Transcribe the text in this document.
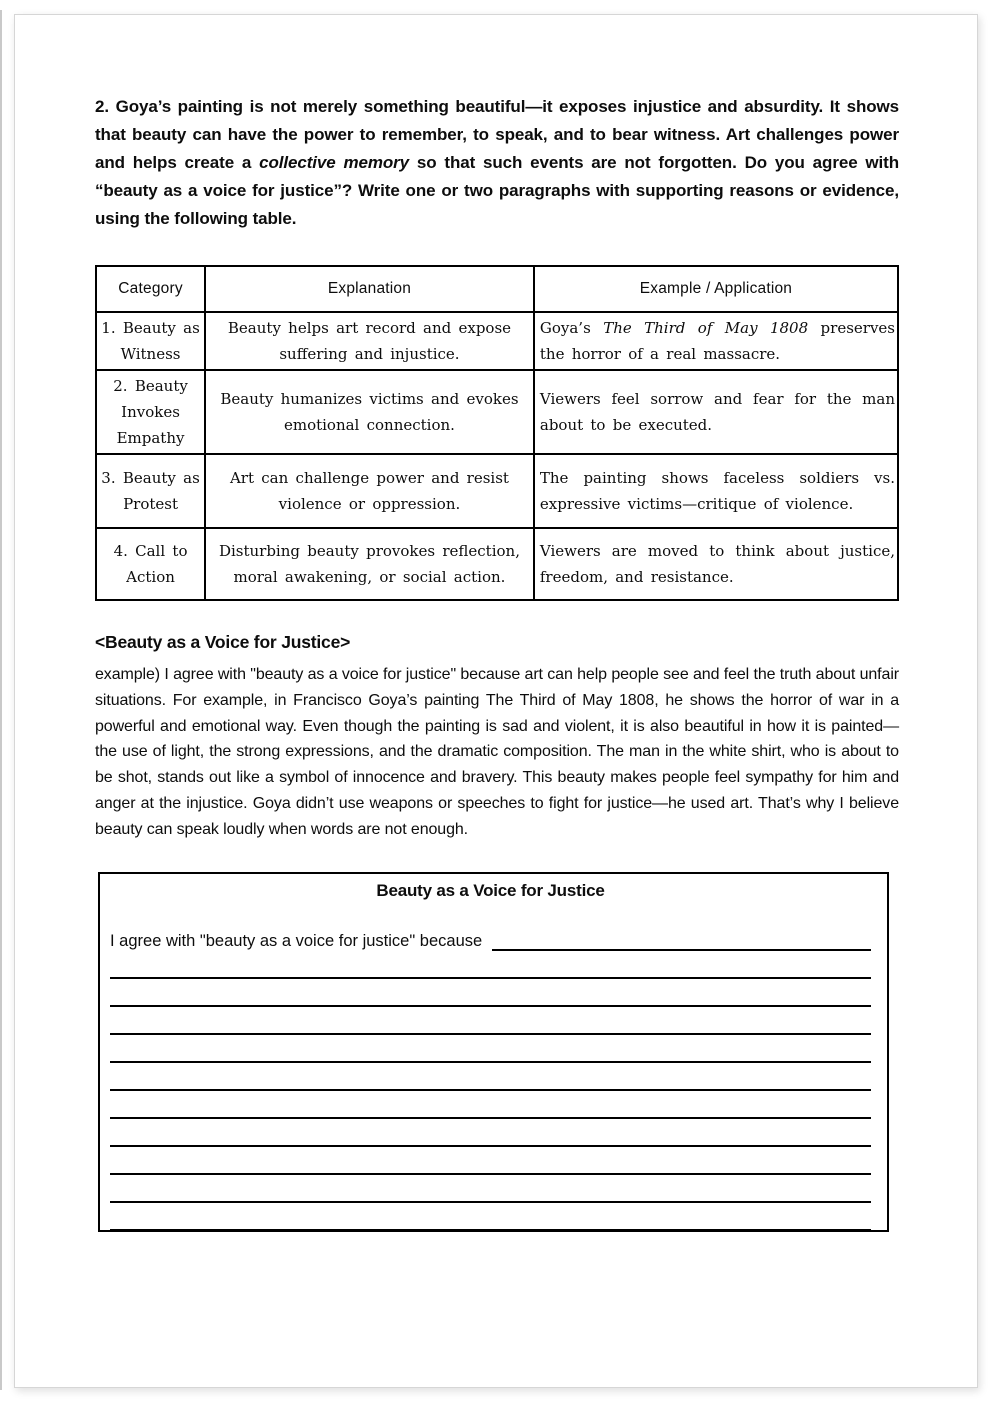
2. Goya’s painting is not merely something beautiful—it exposes injustice and absurdity. It shows that beauty can have the power to remember, to speak, and to bear witness. Art challenges power and helps create a collective memory so that such events are not forgotten. Do you agree with “beauty as a voice for justice”? Write one or two paragraphs with supporting reasons or evidence, using the following table.

Category	Explanation	Example / Application
1. Beauty as Witness	Beauty helps art record and expose suffering and injustice.	Goya’s The Third of May 1808 preserves the horror of a real massacre.
2. Beauty Invokes Empathy	Beauty humanizes victims and evokes emotional connection.	Viewers feel sorrow and fear for the man about to be executed.
3. Beauty as Protest	Art can challenge power and resist violence or oppression.	The painting shows faceless soldiers vs. expressive victims—critique of violence.
4. Call to Action	Disturbing beauty provokes reflection, moral awakening, or social action.	Viewers are moved to think about justice, freedom, and resistance.
<Beauty as a Voice for Justice>

example) I agree with "beauty as a voice for justice" because art can help people see and feel the truth about unfair situations. For example, in Francisco Goya’s painting The Third of May 1808, he shows the horror of war in a powerful and emotional way. Even though the painting is sad and violent, it is also beautiful in how it is painted—the use of light, the strong expressions, and the dramatic composition. The man in the white shirt, who is about to be shot, stands out like a symbol of innocence and bravery. This beauty makes people feel sympathy for him and anger at the injustice. Goya didn’t use weapons or speeches to fight for justice—he used art. That’s why I believe beauty can speak loudly when words are not enough.

Beauty as a Voice for Justice
I agree with "beauty as a voice for justice" because
